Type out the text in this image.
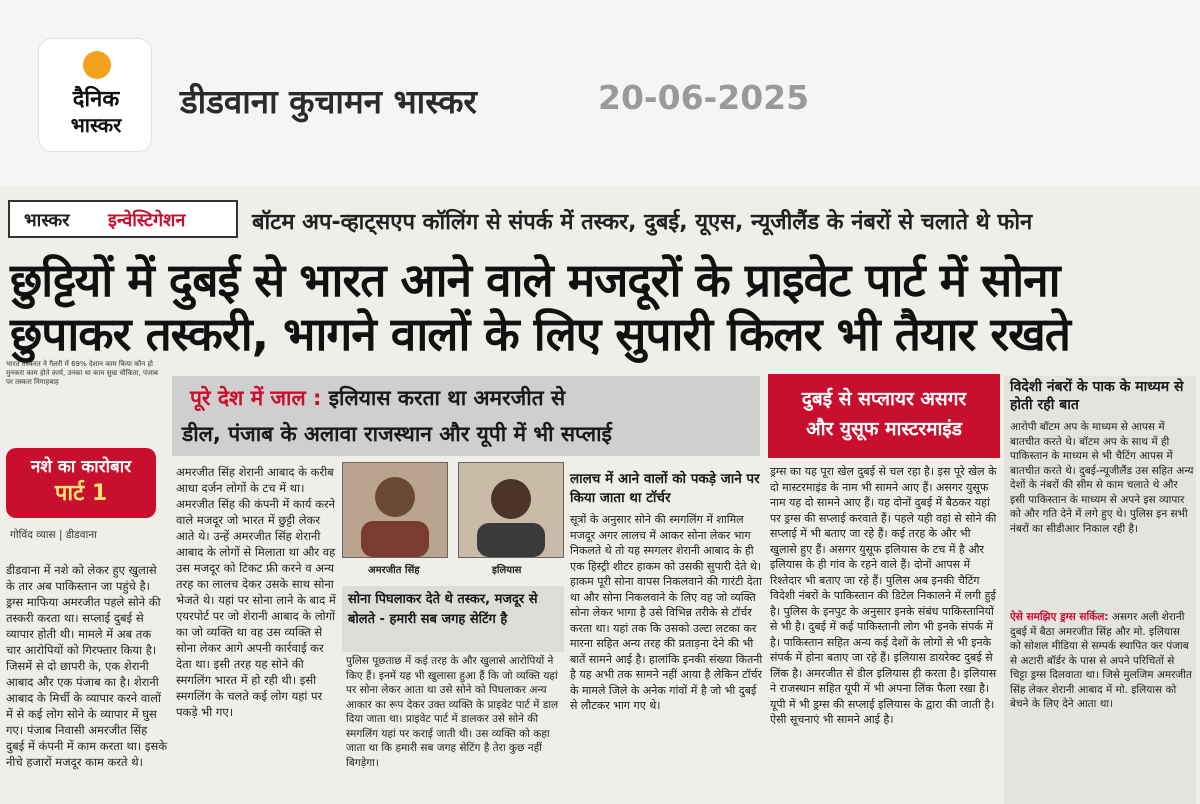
दैनिक
भास्कर
डीडवाना कुचामन भास्कर	20-06-2025
भास्कर इन्वेस्टिगेशन	बॉटम अप-व्हाट्सएप कॉलिंग से संपर्क में तस्कर, दुबई, यूएस, न्यूजीलैंड के नंबरों से चलाते थे फोन
छुट्टियों में दुबई से भारत आने वाले मजदूरों के प्राइवेट पार्ट में सोना
छुपाकर तस्करी, भागने वालों के लिए सुपारी किलर भी तैयार रखते
भारत तस्करत ने गैलरी में 69% देशान काम किया कौन हो मुनकरा काम होते कार्य, उनका था काम सुख चौकिता, पंजाब पर तस्करा निगाहबाह
नशे का कारोबार
पार्ट 1
गोविंद व्यास | डीडवाना
डीडवाना में नशे को लेकर हुए खुलासे के तार अब पाकिस्तान जा पहुंचे है। ड्रग्स माफिया अमरजीत पहले सोने की तस्करी करता था। सप्लाई दुबई से व्यापार होती थी। मामले में अब तक चार आरोपियों को गिरफ्तार किया है। जिसमें से दो छापरी के, एक शेरानी आबाद और एक पंजाब का है। शेरानी आबाद के मिर्ची के व्यापार करने वालों में से कई लोग सोने के व्यापार में घुस गए। पंजाब निवासी अमरजीत सिंह दुबई में कंपनी में काम करता था। इसके नीचे हजारों मजदूर काम करते थे।
पूरे देश में जाल : इलियास करता था अमरजीत से
डील, पंजाब के अलावा राजस्थान और यूपी में भी सप्लाई
अमरजीत सिंह शेरानी आबाद के करीब आधा दर्जन लोगों के टच में था। अमरजीत सिंह की कंपनी में कार्य करने वाले मजदूर जो भारत में छुट्टी लेकर आते थे। उन्हें अमरजीत सिंह शेरानी आबाद के लोगों से मिलाता था और वह उस मजदूर को टिकट फ्री करने व अन्य तरह का लालच देकर उसके साथ सोना भेजते थे। यहां पर सोना लाने के बाद में एयरपोर्ट पर जो शेरानी आबाद के लोगों का जो व्यक्ति था वह उस व्यक्ति से सोना लेकर आगे अपनी कार्रवाई कर देता था। इसी तरह यह सोने की स्मगलिंग भारत में हो रही थी। इसी स्मगलिंग के चलते कई लोग यहां पर पकड़े भी गए।
अमरजीत सिंह	इलियास
सोना पिघलाकर देते थे तस्कर, मजदूर से बोलते - हमारी सब जगह सेटिंग है
पुलिस पूछताछ में कई तरह के और खुलासे आरोपियों ने किए हैं। इनमें यह भी खुलासा हुआ हैं कि जो व्यक्ति यहां पर सोना लेकर आता था उसे सोने को पिघलाकर अन्य आकार का रूप देकर उक्त व्यक्ति के प्राइवेट पार्ट में डाल दिया जाता था। प्राइवेट पार्ट में डालकर उसे सोने की स्मगलिंग यहां पर कराई जाती थी। उस व्यक्ति को कहा जाता था कि हमारी सब जगह सेटिंग है तेरा कुछ नहीं बिगड़ेगा।
लालच में आने वालों को पकड़े जाने पर किया जाता था टॉर्चर
सूत्रों के अनुसार सोने की स्मगलिंग में शामिल मजदूर अगर लालच में आकर सोना लेकर भाग निकलते थे तो यह स्मगलर शेरानी आबाद के ही एक हिस्ट्री शीटर हाकम को उसकी सुपारी देते थे। हाकम पूरी सोना वापस निकलवाने की गारंटी देता था और सोना निकलवाने के लिए वह जो व्यक्ति सोना लेकर भागा है उसे विभिन्न तरीके से टॉर्चर करता था। यहां तक कि उसको उल्टा लटका कर मारना सहित अन्य तरह की प्रताड़ना देने की भी बातें सामने आई है। हालांकि इनकी संख्या कितनी है यह अभी तक सामने नहीं आया है लेकिन टॉर्चर के मामले जिले के अनेक गांवों में है जो भी दुबई से लौटकर भाग गए थे।
दुबई से सप्लायर असगर
और युसूफ मास्टरमाइंड
ड्रग्स का यह पूरा खेल दुबई से चल रहा है। इस पूरे खेल के दो मास्टरमाइंड के नाम भी सामने आए हैं। असगर युसूफ नाम यह दो सामने आए हैं। यह दोनों दुबई में बैठकर यहां पर ड्रग्स की सप्लाई करवाते हैं। पहले यही वहां से सोने की सप्लाई में भी बताए जा रहे हैं। कई तरह के और भी खुलासे हुए हैं। असगर युसूफ इलियास के टच में है और इलियास के ही गांव के रहने वाले हैं। दोनों आपस में रिश्तेदार भी बताए जा रहे हैं। पुलिस अब इनकी चैटिंग विदेशी नंबरों के पाकिस्तान की डिटेल निकालने में लगी हुई है। पुलिस के इनपुट के अनुसार इनके संबंध पाकिस्तानियों से भी है। दुबई में कई पाकिस्तानी लोग भी इनके संपर्क में है। पाकिस्तान सहित अन्य कई देशों के लोगों से भी इनके संपर्क में होना बताए जा रहे हैं। इलियास डायरेक्ट दुबई से लिंक है। अमरजीत से डील इलियास ही करता है। इलियास ने राजस्थान सहित यूपी में भी अपना लिंक फैला रखा है। यूपी में भी ड्रग्स की सप्लाई इलियास के द्वारा की जाती है। ऐसी सूचनाएं भी सामने आई है।
विदेशी नंबरों के पाक के माध्यम से होती रही बात
आरोपी बॉटम अप के माध्यम से आपस में बातचीत करते थे। बॉटम अप के साथ में ही पाकिस्तान के माध्यम से भी चैटिंग आपस में बातचीत करते थे। दुबई-न्यूजीलैंड उस सहित अन्य देशों के नंबरों की सीम से काम चलाते थे और इसी पाकिस्तान के माध्यम से अपने इस व्यापार को और गति देने में लगे हुए थे। पुलिस इन सभी नंबरों का सीडीआर निकाल रही है।
ऐसे समझिए ड्रग्स सर्किल: असगर अली शेरानी दुबई में बैठा अमरजीत सिंह और मो. इलियास को सोशल मीडिया से सम्पर्क स्थापित कर पंजाब से अटारी बॉर्डर के पास से अपने परिचितों से चिट्टा ड्रग्स दिलवाता था। जिसे मुलजिम अमरजीत सिंह लेकर शेरानी आबाद में मो. इलियास को बेचने के लिए देने आता था।
